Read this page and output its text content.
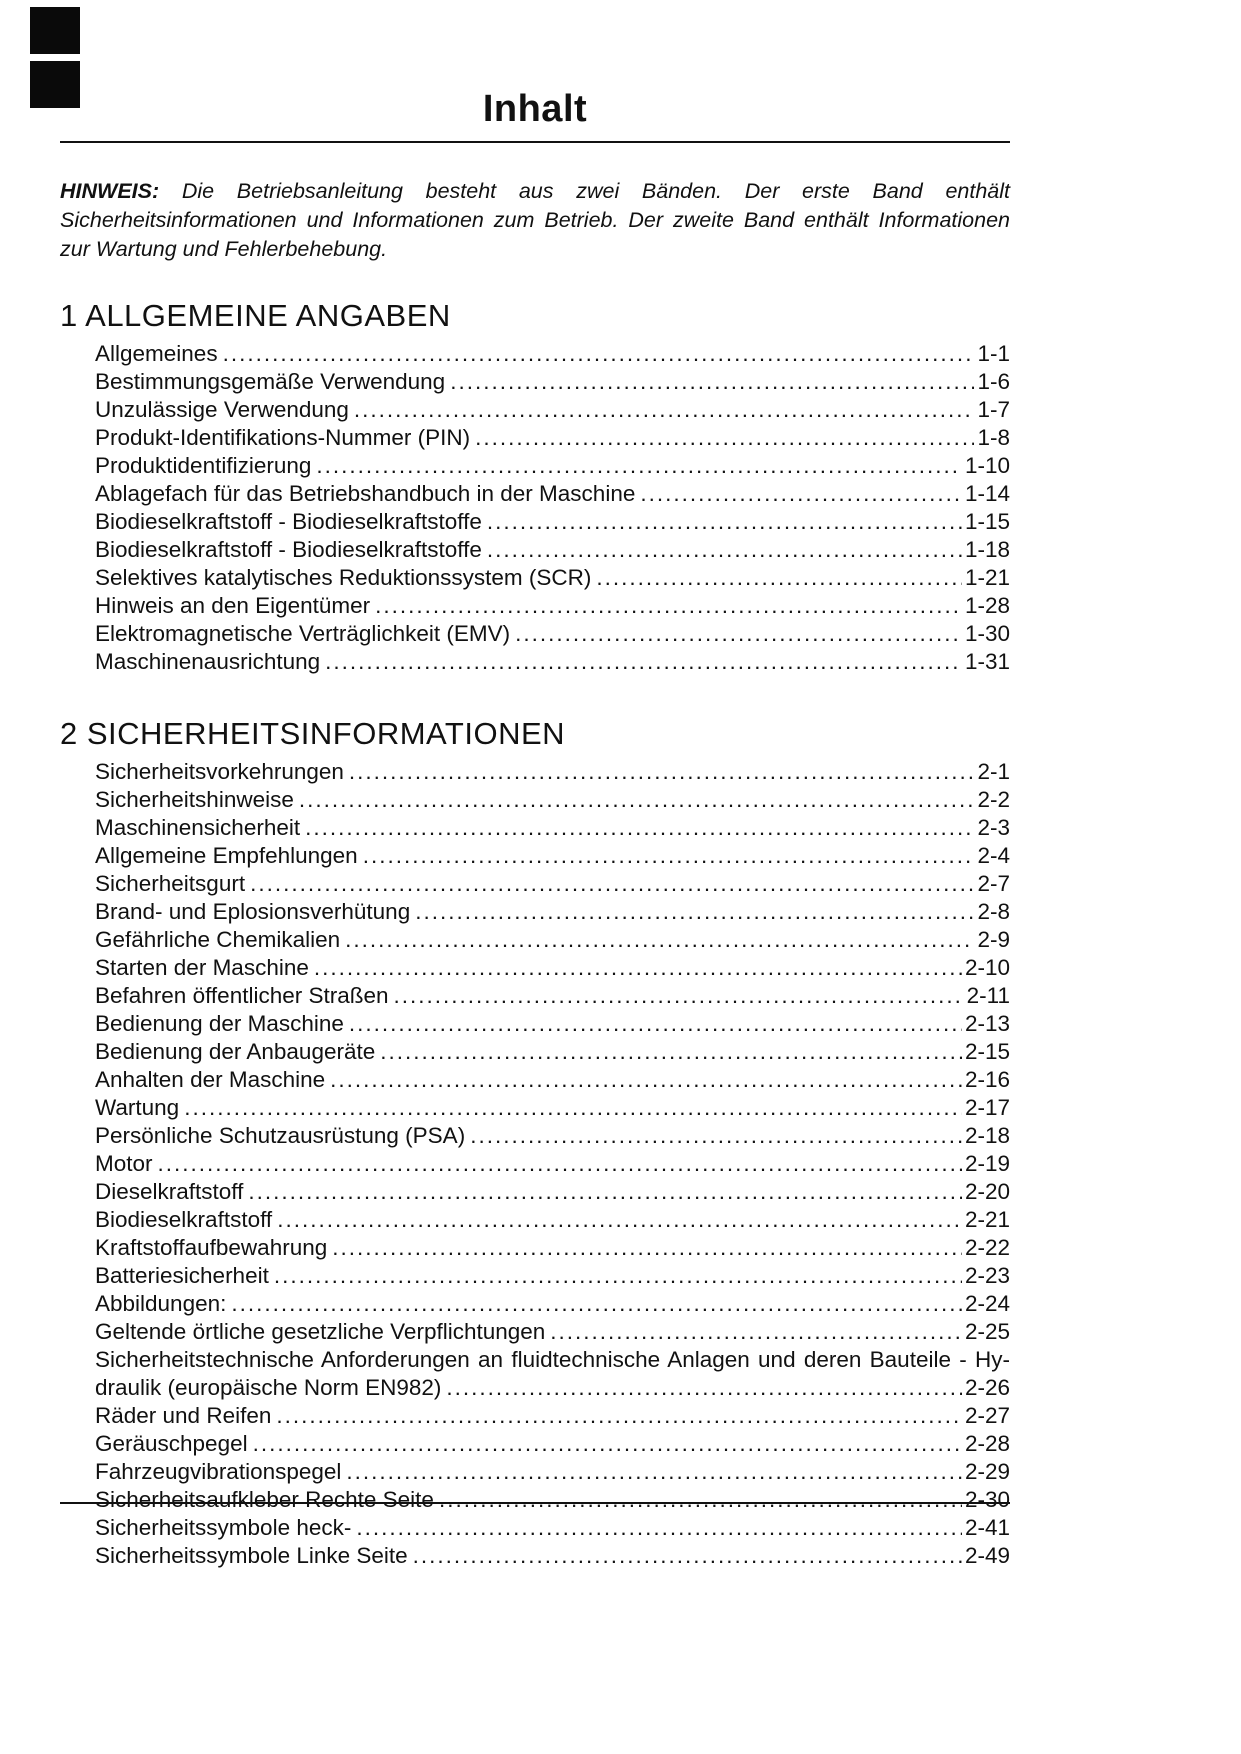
Inhalt

HINWEIS: Die Betriebsanleitung besteht aus zwei Bänden. Der erste Band enthält Sicherheitsinformationen und Informationen zum Betrieb. Der zweite Band enthält Informationen zur Wartung und Fehlerbehebung.

1 ALLGEMEINE ANGABEN
Allgemeines .....	1-1
Bestimmungsgemäße Verwendung .....	1-6
Unzulässige Verwendung .....	1-7
Produkt-Identifikations-Nummer (PIN) .....	1-8
Produktidentifizierung .....	1-10
Ablagefach für das Betriebshandbuch in der Maschine .....	1-14
Biodieselkraftstoff - Biodieselkraftstoffe .....	1-15
Biodieselkraftstoff - Biodieselkraftstoffe .....	1-18
Selektives katalytisches Reduktionssystem (SCR) .....	1-21
Hinweis an den Eigentümer .....	1-28
Elektromagnetische Verträglichkeit (EMV) .....	1-30
Maschinenausrichtung .....	1-31
2 SICHERHEITSINFORMATIONEN
Sicherheitsvorkehrungen .....	2-1
Sicherheitshinweise .....	2-2
Maschinensicherheit .....	2-3
Allgemeine Empfehlungen .....	2-4
Sicherheitsgurt .....	2-7
Brand- und Eplosionsverhütung .....	2-8
Gefährliche Chemikalien .....	2-9
Starten der Maschine .....	2-10
Befahren öffentlicher Straßen .....	2-11
Bedienung der Maschine .....	2-13
Bedienung der Anbaugeräte .....	2-15
Anhalten der Maschine .....	2-16
Wartung .....	2-17
Persönliche Schutzausrüstung (PSA) .....	2-18
Motor .....	2-19
Dieselkraftstoff .....	2-20
Biodieselkraftstoff .....	2-21
Kraftstoffaufbewahrung .....	2-22
Batteriesicherheit .....	2-23
Abbildungen: .....	2-24
Geltende örtliche gesetzliche Verpflichtungen .....	2-25
Sicherheitstechnische Anforderungen an fluidtechnische Anlagen und deren Bauteile - Hy-
draulik (europäische Norm EN982) .....	2-26
Räder und Reifen .....	2-27
Geräuschpegel .....	2-28
Fahrzeugvibrationspegel .....	2-29
Sicherheitsaufkleber Rechte Seite .....	2-30
Sicherheitssymbole heck- .....	2-41
Sicherheitssymbole Linke Seite .....	2-49
